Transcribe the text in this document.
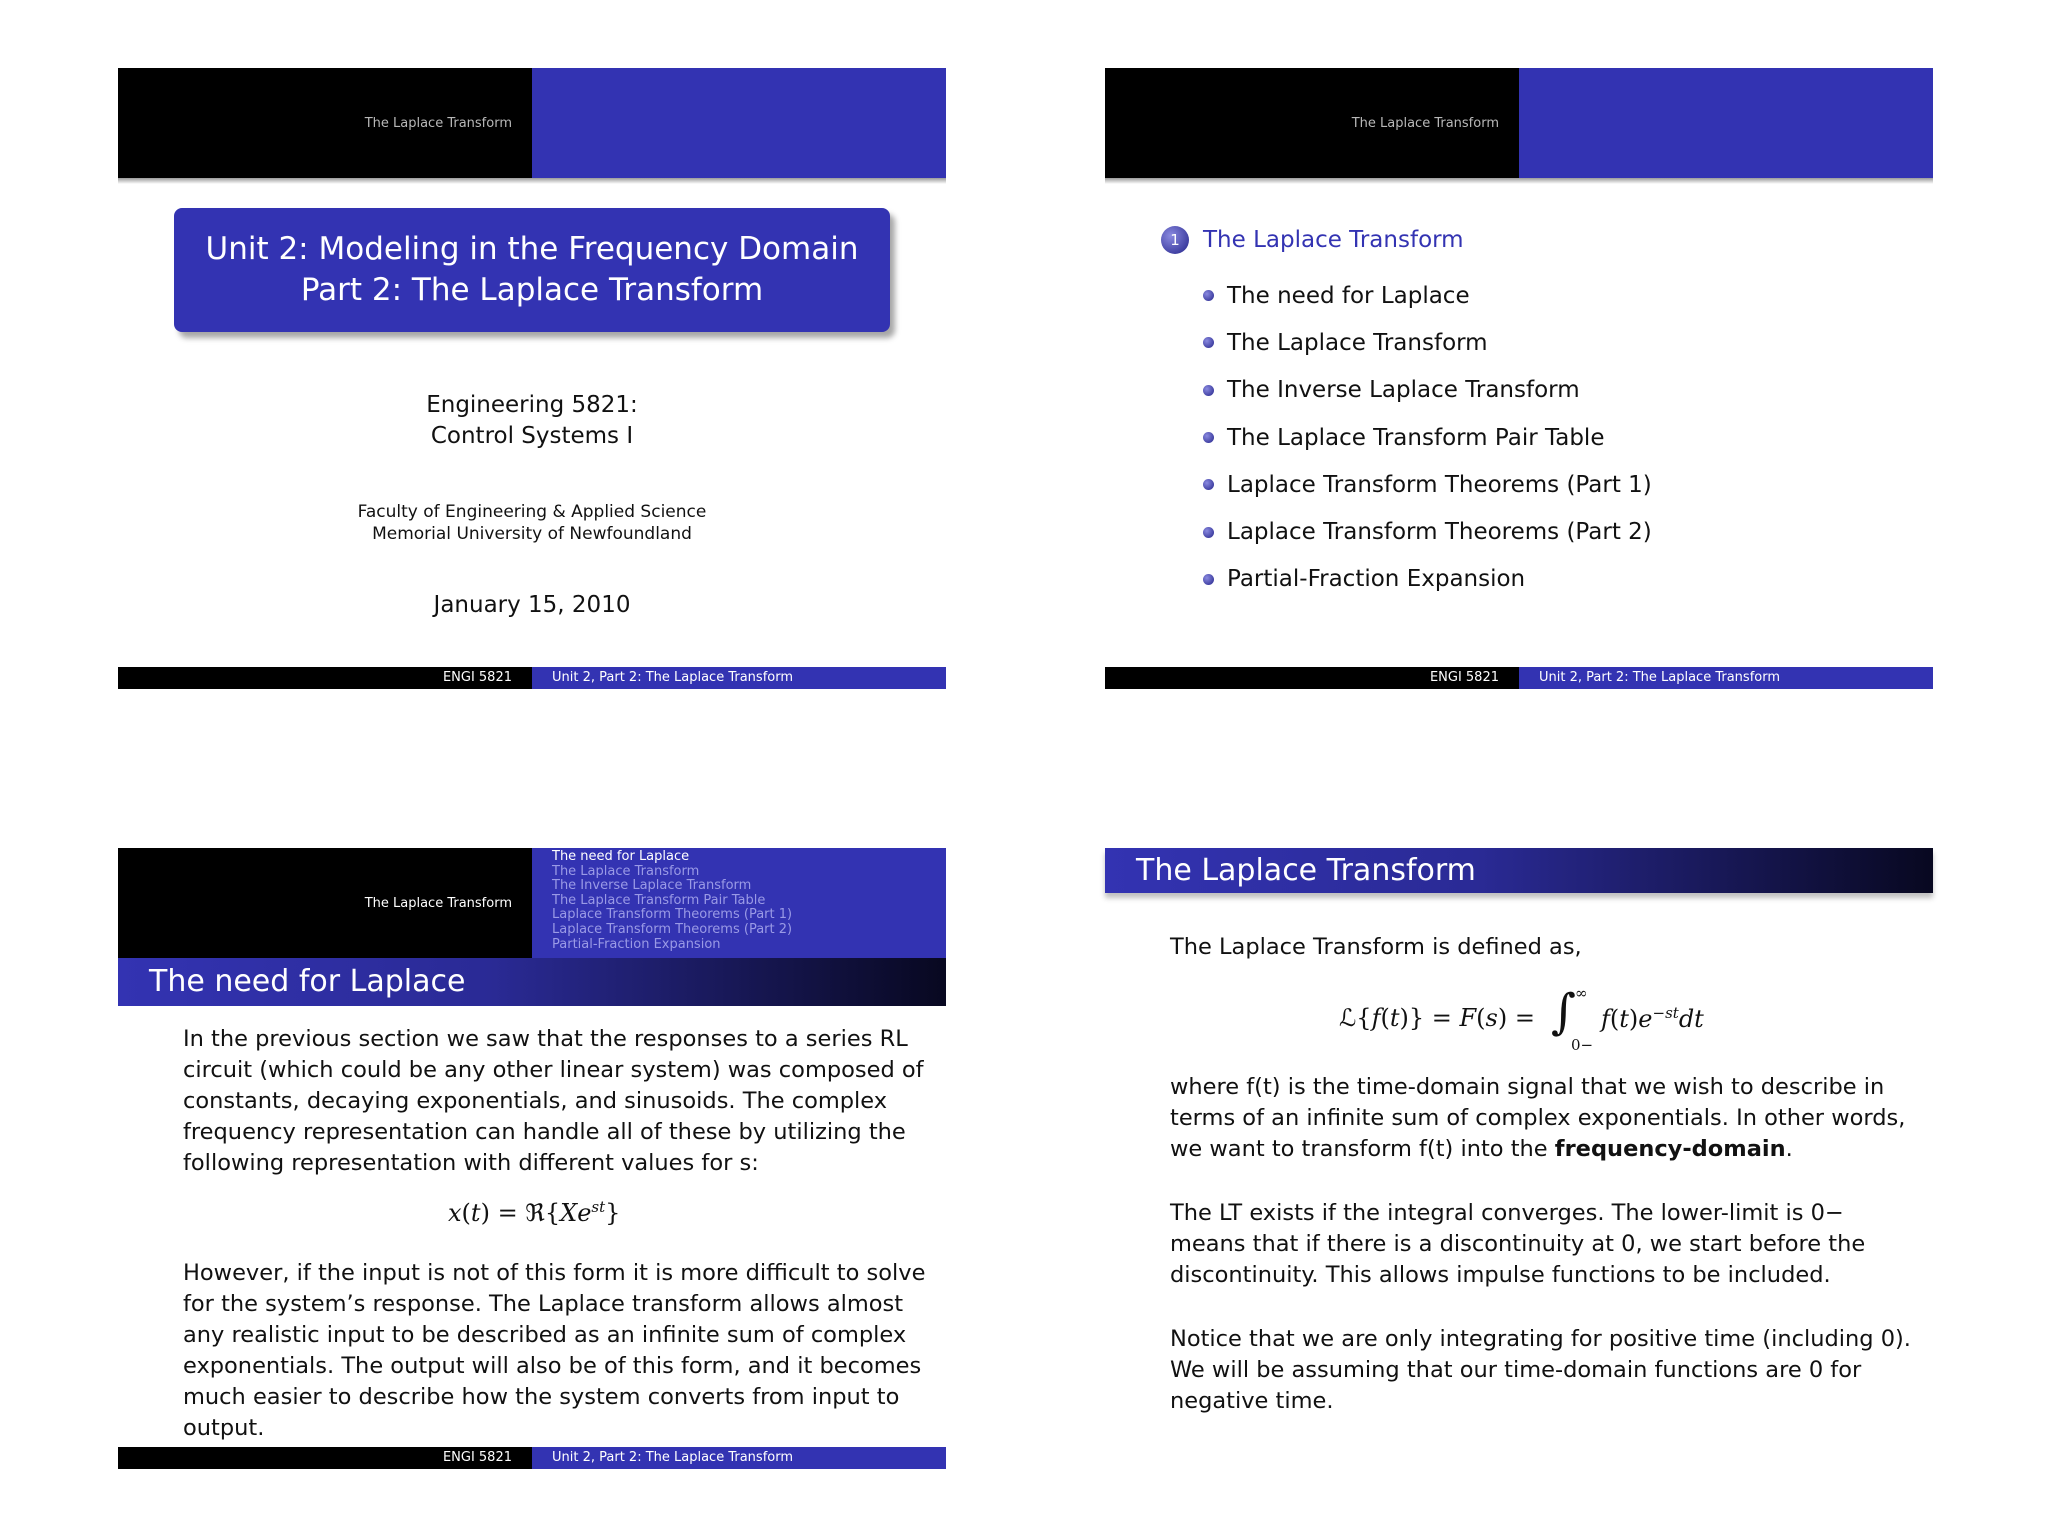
The Laplace Transform
Unit 2: Modeling in the Frequency Domain
Part 2: The Laplace Transform
Engineering 5821:
Control Systems I
Faculty of Engineering & Applied Science
Memorial University of Newfoundland
January 15, 2010
ENGI 5821	Unit 2, Part 2: The Laplace Transform
The Laplace Transform
1	The Laplace Transform
The need for Laplace
The Laplace Transform
The Inverse Laplace Transform
The Laplace Transform Pair Table
Laplace Transform Theorems (Part 1)
Laplace Transform Theorems (Part 2)
Partial-Fraction Expansion
ENGI 5821	Unit 2, Part 2: The Laplace Transform
The Laplace Transform
The need for Laplace
The Laplace Transform
The Inverse Laplace Transform
The Laplace Transform Pair Table
Laplace Transform Theorems (Part 1)
Laplace Transform Theorems (Part 2)
Partial-Fraction Expansion
The need for Laplace
In the previous section we saw that the responses to a series RL
circuit (which could be any other linear system) was composed of
constants, decaying exponentials, and sinusoids. The complex
frequency representation can handle all of these by utilizing the
following representation with different values for s:
$x(t) = ℜ\{Xe^{st}\}$
However, if the input is not of this form it is more difficult to solve
for the system’s response. The Laplace transform allows almost
any realistic input to be described as an infinite sum of complex
exponentials. The output will also be of this form, and it becomes
much easier to describe how the system converts from input to
output.
ENGI 5821	Unit 2, Part 2: The Laplace Transform
The Laplace Transform
The Laplace Transform is defined as,
ℒ{f(t)} = F(s) = ∫
∞
0−
$f(t)e^{-st}dt$
where f(t) is the time-domain signal that we wish to describe in
terms of an infinite sum of complex exponentials. In other words,
we want to transform f(t) into the frequency-domain.
The LT exists if the integral converges. The lower-limit is 0−
means that if there is a discontinuity at 0, we start before the
discontinuity. This allows impulse functions to be included.
Notice that we are only integrating for positive time (including 0).
We will be assuming that our time-domain functions are 0 for
negative time.
